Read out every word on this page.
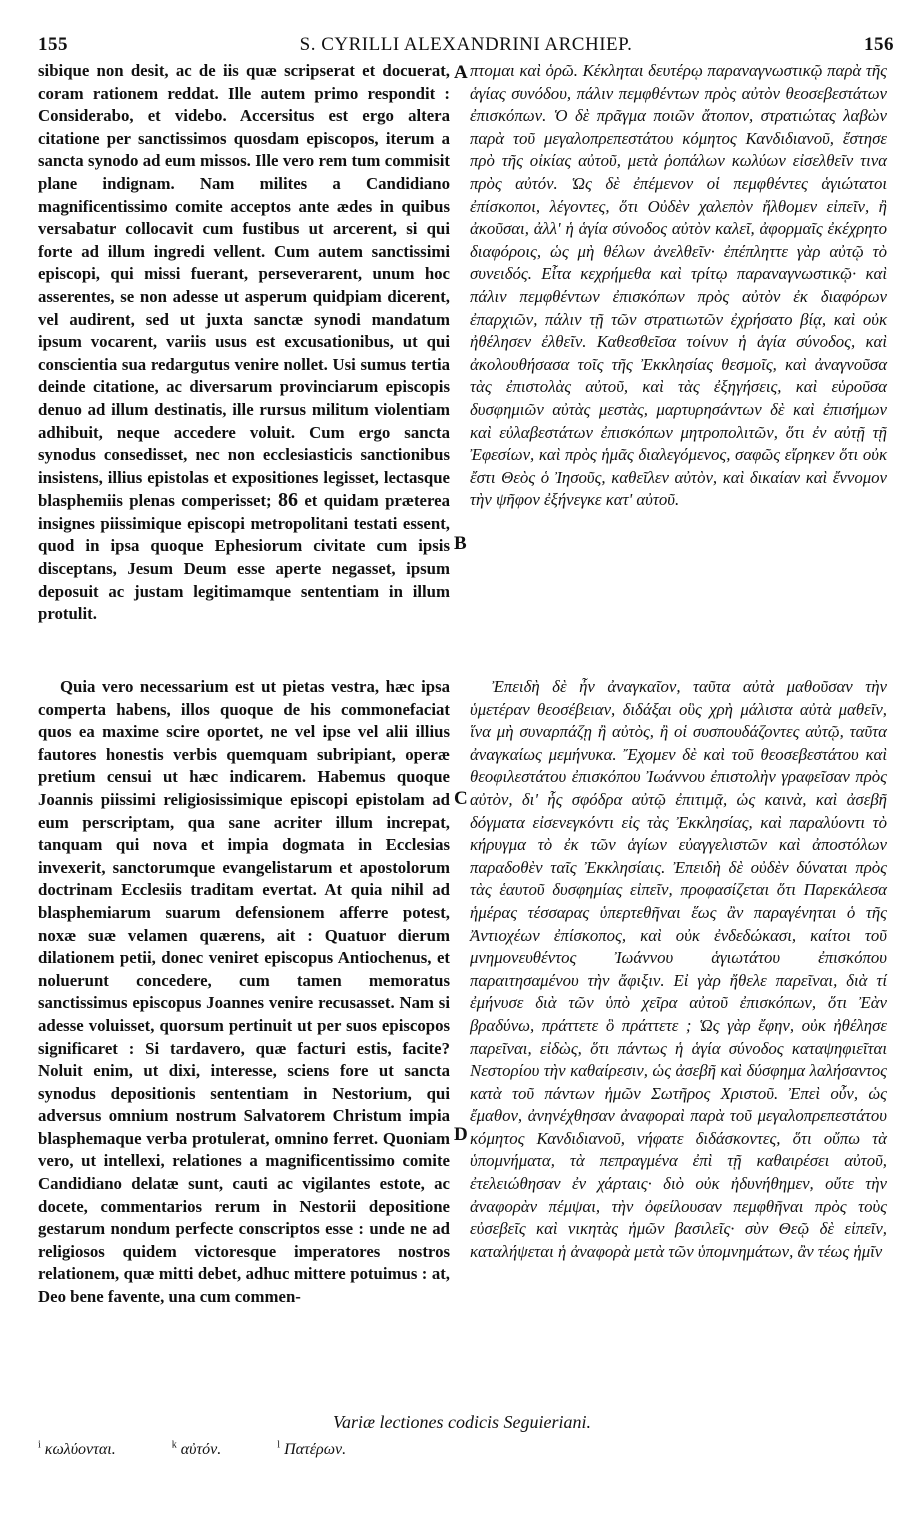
155	S. CYRILLI ALEXANDRINI ARCHIEP.	156
A
B
C
D

sibique non desit, ac de iis quæ scripserat et docuerat, coram rationem reddat. Ille autem primo respondit : Considerabo, et videbo. Accersitus est ergo altera citatione per sanctissimos quosdam episcopos, iterum a sancta synodo ad eum missos. Ille vero rem tum commisit plane indignam. Nam milites a Candidiano magnificentissimo comite acceptos ante ædes in quibus versabatur collocavit cum fustibus ut arcerent, si qui forte ad illum ingredi vellent. Cum autem sanctissimi episcopi, qui missi fuerant, perseverarent, unum hoc asserentes, se non adesse ut asperum quidpiam dicerent, vel audirent, sed ut juxta sanctæ synodi mandatum ipsum vocarent, variis usus est excusationibus, ut qui conscientia sua redargutus venire nollet. Usi sumus tertia deinde citatione, ac diversarum provinciarum episcopis denuo ad illum destinatis, ille rursus militum violentiam adhibuit, neque accedere voluit. Cum ergo sancta synodus consedisset, nec non ecclesiasticis sanctionibus insistens, illius epistolas et expositiones legisset, lectasque blasphemiis plenas comperisset; 86 et quidam præterea insignes piissimique episcopi metropolitani testati essent, quod in ipsa quoque Ephesiorum civitate cum ipsis disceptans, Jesum Deum esse aperte negasset, ipsum deposuit ac justam legitimamque sententiam in illum protulit.

πτομαι καὶ ὁρῶ. Κέκληται δευτέρῳ παραναγνωστικῷ παρὰ τῆς ἁγίας συνόδου, πάλιν πεμφθέντων πρὸς αὐτὸν θεοσεβεστάτων ἐπισκόπων. Ὁ δὲ πρᾶγμα ποιῶν ἄτοπον, στρατιώτας λαβὼν παρὰ τοῦ μεγαλοπρεπεστάτου κόμητος Κανδιδιανοῦ, ἔστησε πρὸ τῆς οἰκίας αὐτοῦ, μετὰ ῥοπάλων κωλύων εἰσελθεῖν τινα πρὸς αὐτόν. Ὡς δὲ ἐπέμενον οἱ πεμφθέντες ἁγιώτατοι ἐπίσκοποι, λέγοντες, ὅτι Οὐδὲν χαλεπὸν ἤλθομεν εἰπεῖν, ἢ ἀκοῦσαι, ἀλλ' ἡ ἁγία σύνοδος αὐτὸν καλεῖ, ἀφορμαῖς ἐκέχρητο διαφόροις, ὡς μὴ θέλων ἀνελθεῖν· ἐπέπληττε γὰρ αὐτῷ τὸ συνειδός. Εἶτα κεχρήμεθα καὶ τρίτῳ παραναγνωστικῷ· καὶ πάλιν πεμφθέντων ἐπισκόπων πρὸς αὐτὸν ἐκ διαφόρων ἐπαρχιῶν, πάλιν τῇ τῶν στρατιωτῶν ἐχρήσατο βίᾳ, καὶ οὐκ ἠθέλησεν ἐλθεῖν. Καθεσθεῖσα τοίνυν ἡ ἁγία σύνοδος, καὶ ἀκολουθήσασα τοῖς τῆς Ἐκκλησίας θεσμοῖς, καὶ ἀναγνοῦσα τὰς ἐπιστολὰς αὐτοῦ, καὶ τὰς ἐξηγήσεις, καὶ εὑροῦσα δυσφημιῶν αὐτὰς μεστὰς, μαρτυρησάντων δὲ καὶ ἐπισήμων καὶ εὐλαβεστάτων ἐπισκόπων μητροπολιτῶν, ὅτι ἐν αὐτῇ τῇ Ἐφεσίων, καὶ πρὸς ἡμᾶς διαλεγόμενος, σαφῶς εἴρηκεν ὅτι οὐκ ἔστι Θεὸς ὁ Ἰησοῦς, καθεῖλεν αὐτὸν, καὶ δικαίαν καὶ ἔννομον τὴν ψῆφον ἐξήνεγκε κατ' αὐτοῦ.

Quia vero necessarium est ut pietas vestra, hæc ipsa comperta habens, illos quoque de his commonefaciat quos ea maxime scire oportet, ne vel ipse vel alii illius fautores honestis verbis quemquam subripiant, operæ pretium censui ut hæc indicarem. Habemus quoque Joannis piissimi religiosissimique episcopi epistolam ad eum perscriptam, qua sane acriter illum increpat, tanquam qui nova et impia dogmata in Ecclesias invexerit, sanctorumque evangelistarum et apostolorum doctrinam Ecclesiis traditam evertat. At quia nihil ad blasphemiarum suarum defensionem afferre potest, noxæ suæ velamen quærens, ait : Quatuor dierum dilationem petii, donec veniret episcopus Antiochenus, et noluerunt concedere, cum tamen memoratus sanctissimus episcopus Joannes venire recusasset. Nam si adesse voluisset, quorsum pertinuit ut per suos episcopos significaret : Si tardavero, quæ facturi estis, facite? Noluit enim, ut dixi, interesse, sciens fore ut sancta synodus depositionis sententiam in Nestorium, qui adversus omnium nostrum Salvatorem Christum impia blasphemaque verba protulerat, omnino ferret. Quoniam vero, ut intellexi, relationes a magnificentissimo comite Candidiano delatæ sunt, cauti ac vigilantes estote, ac docete, commentarios rerum in Nestorii depositione gestarum nondum perfecte conscriptos esse : unde ne ad religiosos quidem victoresque imperatores nostros relationem, quæ mitti debet, adhuc mittere potuimus : at, Deo bene favente, una cum commen-

Ἐπειδὴ δὲ ἦν ἀναγκαῖον, ταῦτα αὐτὰ μαθοῦσαν τὴν ὑμετέραν θεοσέβειαν, διδάξαι οὓς χρὴ μάλιστα αὐτὰ μαθεῖν, ἵνα μὴ συναρπάζῃ ἢ αὐτὸς, ἢ οἱ συσπουδάζοντες αὐτῷ, ταῦτα ἀναγκαίως μεμήνυκα. Ἔχομεν δὲ καὶ τοῦ θεοσεβεστάτου καὶ θεοφιλεστάτου ἐπισκόπου Ἰωάννου ἐπιστολὴν γραφεῖσαν πρὸς αὐτὸν, δι' ἧς σφόδρα αὐτῷ ἐπιτιμᾷ, ὡς καινὰ, καὶ ἀσεβῆ δόγματα εἰσενεγκόντι εἰς τὰς Ἐκκλησίας, καὶ παραλύοντι τὸ κήρυγμα τὸ ἐκ τῶν ἁγίων εὐαγγελιστῶν καὶ ἀποστόλων παραδοθὲν ταῖς Ἐκκλησίαις. Ἐπειδὴ δὲ οὐδὲν δύναται πρὸς τὰς ἑαυτοῦ δυσφημίας εἰπεῖν, προφασίζεται ὅτι Παρεκάλεσα ἡμέρας τέσσαρας ὑπερτεθῆναι ἕως ἂν παραγένηται ὁ τῆς Ἀντιοχέων ἐπίσκοπος, καὶ οὐκ ἐνδεδώκασι, καίτοι τοῦ μνημονευθέντος Ἰωάννου ἁγιωτάτου ἐπισκόπου παραιτησαμένου τὴν ἄφιξιν. Εἰ γὰρ ἤθελε παρεῖναι, διὰ τί ἐμήνυσε διὰ τῶν ὑπὸ χεῖρα αὐτοῦ ἐπισκόπων, ὅτι Ἐὰν βραδύνω, πράττετε ὃ πράττετε ; Ὡς γὰρ ἔφην, οὐκ ἠθέλησε παρεῖναι, εἰδὼς, ὅτι πάντως ἡ ἁγία σύνοδος καταψηφιεῖται Νεστορίου τὴν καθαίρεσιν, ὡς ἀσεβῆ καὶ δύσφημα λαλήσαντος κατὰ τοῦ πάντων ἡμῶν Σωτῆρος Χριστοῦ. Ἐπεὶ οὖν, ὡς ἔμαθον, ἀνηνέχθησαν ἀναφοραὶ παρὰ τοῦ μεγαλοπρεπεστάτου κόμητος Κανδιδιανοῦ, νήφατε διδάσκοντες, ὅτι οὔπω τὰ ὑπομνήματα, τὰ πεπραγμένα ἐπὶ τῇ καθαιρέσει αὐτοῦ, ἐτελειώθησαν ἐν χάρταις· διὸ οὐκ ἠδυνήθημεν, οὔτε τὴν ἀναφορὰν πέμψαι, τὴν ὀφείλουσαν πεμφθῆναι πρὸς τοὺς εὐσεβεῖς καὶ νικητὰς ἡμῶν βασιλεῖς· σὺν Θεῷ δὲ εἰπεῖν, καταλήψεται ἡ ἀναφορὰ μετὰ τῶν ὑπομνημάτων, ἂν τέως ἡμῖν

Variæ lectiones codicis Seguieriani.
$^i$ κωλύονται.	$^k$ αὐτόν.	$^l$ Πατέρων.
